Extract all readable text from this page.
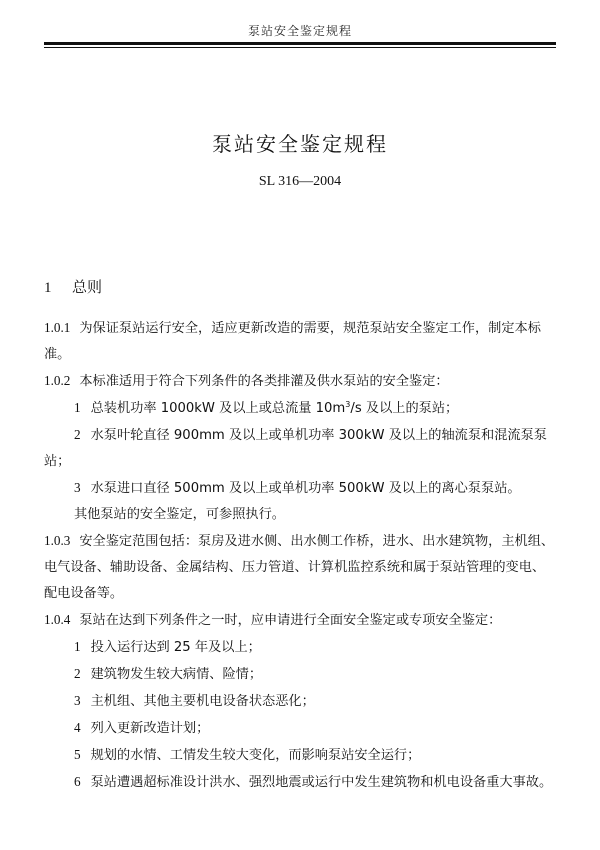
泵站安全鉴定规程
泵站安全鉴定规程
SL 316—2004
1 总则

1.0.1 为保证泵站运行安全，适应更新改造的需要，规范泵站安全鉴定工作，制定本标准。

1.0.2 本标准适用于符合下列条件的各类排灌及供水泵站的安全鉴定：

1 总装机功率 1000kW 及以上或总流量 $10m^3/s$ 及以上的泵站；

2 水泵叶轮直径 900mm 及以上或单机功率 300kW 及以上的轴流泵和混流泵泵站；

3 水泵进口直径 500mm 及以上或单机功率 500kW 及以上的离心泵泵站。

其他泵站的安全鉴定，可参照执行。

1.0.3 安全鉴定范围包括：泵房及进水侧、出水侧工作桥，进水、出水建筑物，主机组、电气设备、辅助设备、金属结构、压力管道、计算机监控系统和属于泵站管理的变电、配电设备等。

1.0.4 泵站在达到下列条件之一时，应申请进行全面安全鉴定或专项安全鉴定：

1 投入运行达到 25 年及以上；

2 建筑物发生较大病情、险情；

3 主机组、其他主要机电设备状态恶化；

4 列入更新改造计划；

5 规划的水情、工情发生较大变化，而影响泵站安全运行；

6 泵站遭遇超标准设计洪水、强烈地震或运行中发生建筑物和机电设备重大事故。
